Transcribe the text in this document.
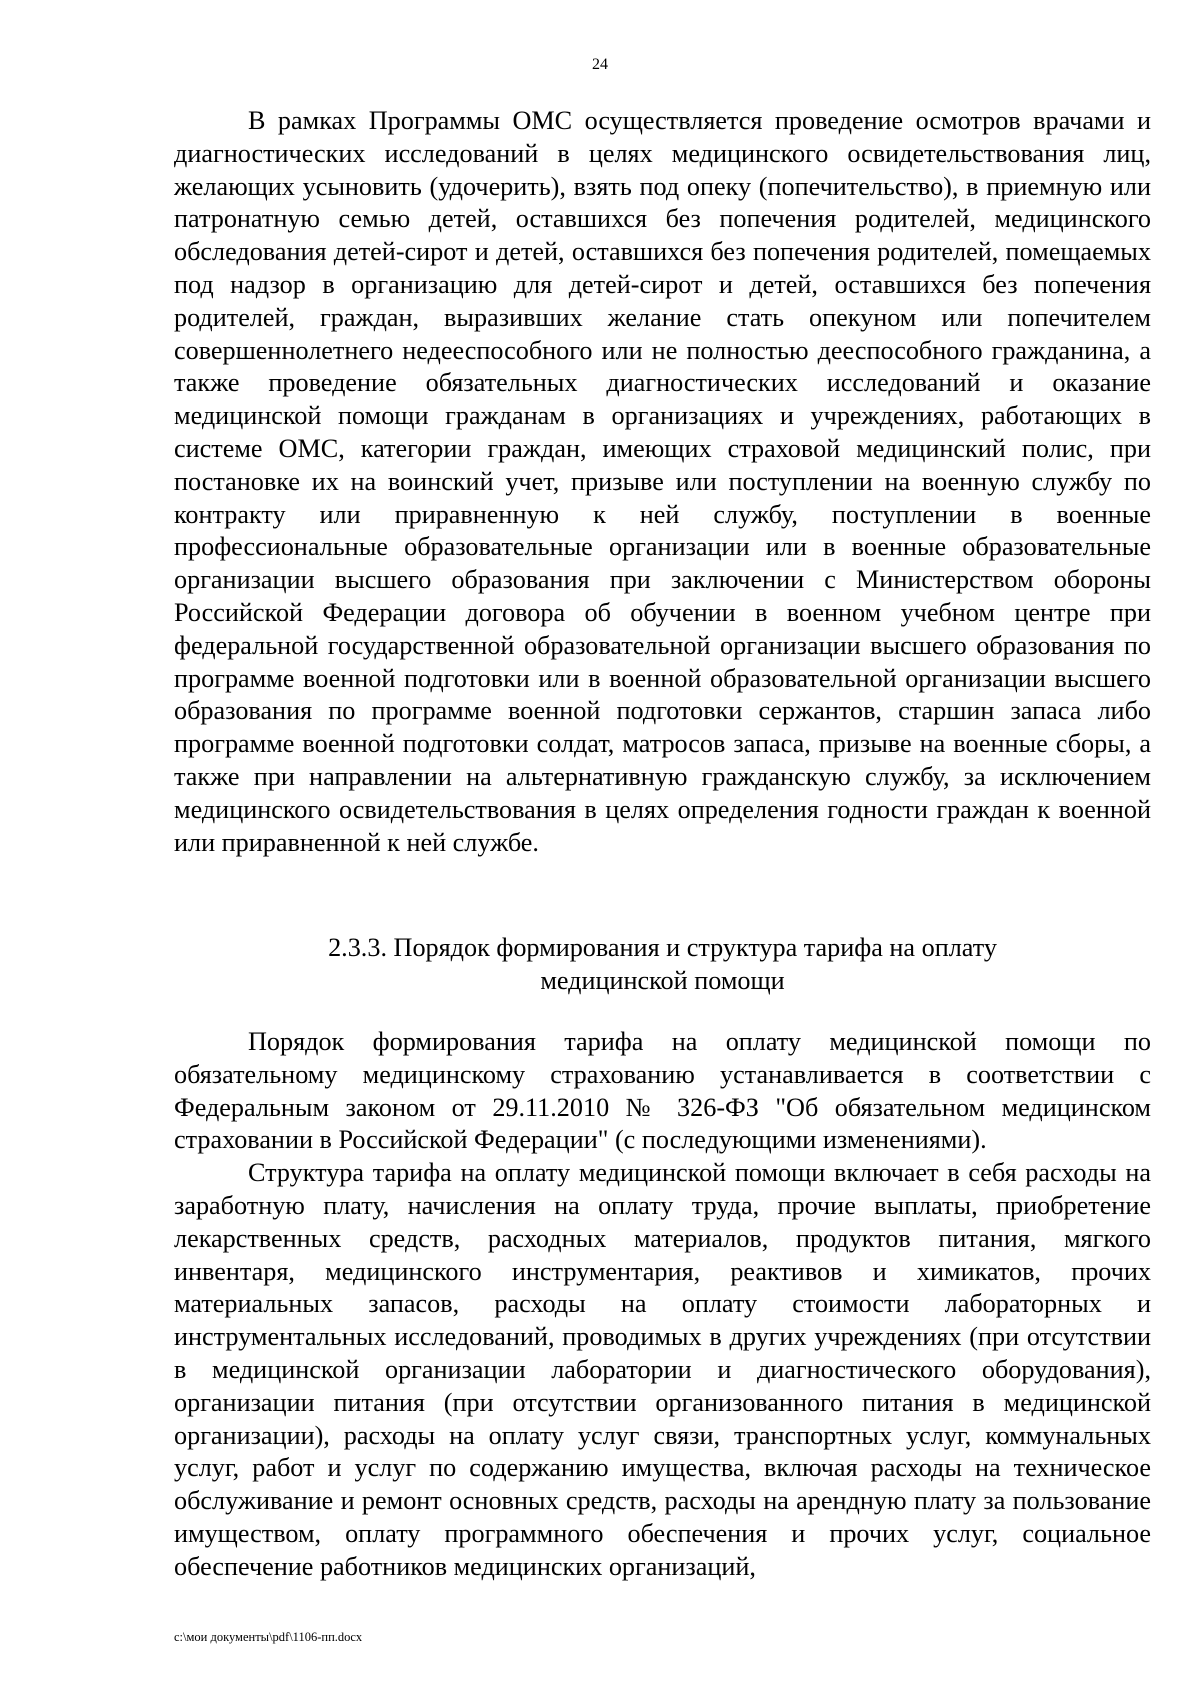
24

В рамках Программы ОМС осуществляется проведение осмотров врачами и диагностических исследований в целях медицинского освидетельствования лиц, желающих усыновить (удочерить), взять под опеку (попечительство), в приемную или патронатную семью детей, оставшихся без попечения родителей, медицинского обследования детей-сирот и детей, оставшихся без попечения родителей, помещаемых под надзор в организацию для детей-сирот и детей, оставшихся без попечения родителей, граждан, выразивших желание стать опекуном или попечителем совершеннолетнего недееспособного или не полностью дееспособного гражданина, а также проведение обязательных диагностических исследований и оказание медицинской помощи гражданам в организациях и учреждениях, работающих в системе ОМС, категории граждан, имеющих страховой медицинский полис, при постановке их на воинский учет, призыве или поступлении на военную службу по контракту или приравненную к ней службу, поступлении в военные профессиональные образовательные организации или в военные образовательные организации высшего образования при заключении с Министерством обороны Российской Федерации договора об обучении в военном учебном центре при федеральной государственной образовательной организации высшего образования по программе военной подготовки или в военной образовательной организации высшего образования по программе военной подготовки сержантов, старшин запаса либо программе военной подготовки солдат, матросов запаса, призыве на военные сборы, а также при направлении на альтернативную гражданскую службу, за исключением медицинского освидетельствования в целях определения годности граждан к военной или приравненной к ней службе.

2.3.3. Порядок формирования и структура тарифа на оплату
медицинской помощи

Порядок формирования тарифа на оплату медицинской помощи по обязательному медицинскому страхованию устанавливается в соответствии с Федеральным законом от 29.11.2010 № 326-ФЗ "Об обязательном медицинском страховании в Российской Федерации" (с последующими изменениями).

Структура тарифа на оплату медицинской помощи включает в себя расходы на заработную плату, начисления на оплату труда, прочие выплаты, приобретение лекарственных средств, расходных материалов, продуктов питания, мягкого инвентаря, медицинского инструментария, реактивов и химикатов, прочих материальных запасов, расходы на оплату стоимости лабораторных и инструментальных исследований, проводимых в других учреждениях (при отсутствии в медицинской организации лаборатории и диагностического оборудования), организации питания (при отсутствии организованного питания в медицинской организации), расходы на оплату услуг связи, транспортных услуг, коммунальных услуг, работ и услуг по содержанию имущества, включая расходы на техническое обслуживание и ремонт основных средств, расходы на арендную плату за пользование имуществом, оплату программного обеспечения и прочих услуг, социальное обеспечение работников медицинских организаций,

c:\мои документы\pdf\1106-пп.docx
